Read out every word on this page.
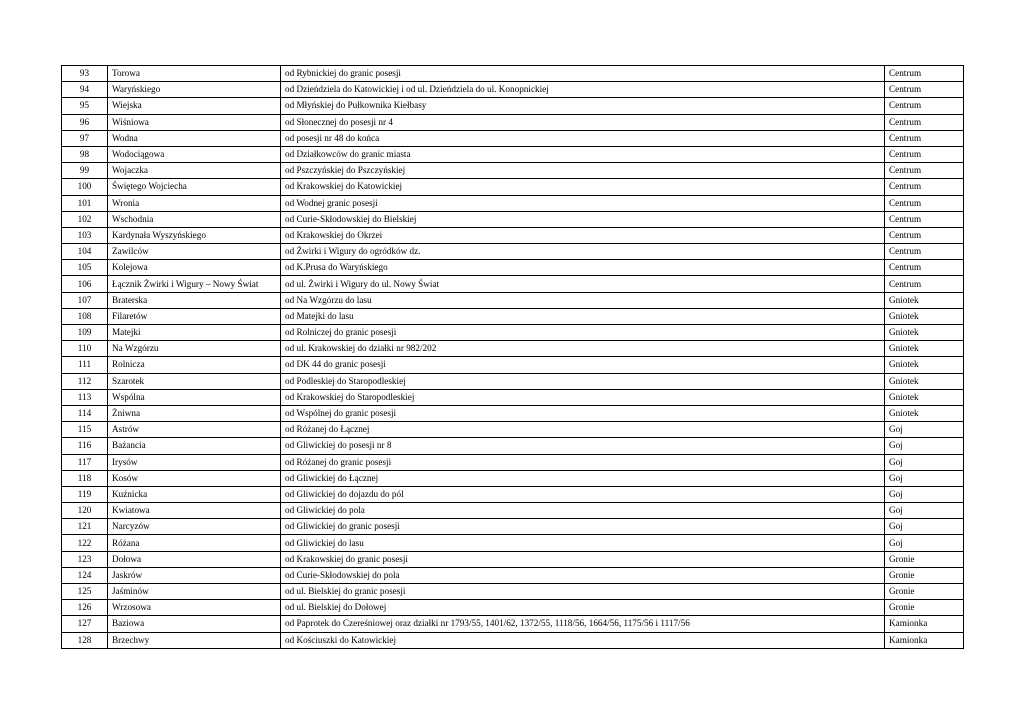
93	Torowa	od Rybnickiej do granic posesji	Centrum
94	Waryńskiego	od Dzieńdziela do Katowickiej i od ul. Dzieńdziela do ul. Konopnickiej	Centrum
95	Wiejska	od Młyńskiej do Pułkownika Kiełbasy	Centrum
96	Wiśniowa	od Słonecznej do posesji nr 4	Centrum
97	Wodna	od posesji nr 48 do końca	Centrum
98	Wodociągowa	od Działkowców do granic miasta	Centrum
99	Wojaczka	od Pszczyńskiej do Pszczyńskiej	Centrum
100	Świętego Wojciecha	od Krakowskiej do Katowickiej	Centrum
101	Wronia	od Wodnej granic posesji	Centrum
102	Wschodnia	od Curie-Skłodowskiej do Bielskiej	Centrum
103	Kardynała Wyszyńskiego	od Krakowskiej do Okrzei	Centrum
104	Zawilców	od Żwirki i Wigury do ogródków dz.	Centrum
105	Kolejowa	od K.Prusa do Waryńskiego	Centrum
106	Łącznik Żwirki i Wigury – Nowy Świat	od ul. Żwirki i Wigury do ul. Nowy Świat	Centrum
107	Braterska	od Na Wzgórzu do lasu	Gniotek
108	Filaretów	od Matejki do lasu	Gniotek
109	Matejki	od Rolniczej do granic posesji	Gniotek
110	Na Wzgórzu	od ul. Krakowskiej do działki nr 982/202	Gniotek
111	Rolnicza	od DK 44 do granic posesji	Gniotek
112	Szarotek	od Podleskiej do Staropodleskiej	Gniotek
113	Wspólna	od Krakowskiej do Staropodleskiej	Gniotek
114	Żniwna	od Wspólnej do granic posesji	Gniotek
115	Astrów	od Różanej do Łącznej	Goj
116	Bażancia	od Gliwickiej do posesji nr 8	Goj
117	Irysów	od Różanej do granic posesji	Goj
118	Kosów	od Gliwickiej do Łącznej	Goj
119	Kuźnicka	od Gliwickiej do dojazdu do pól	Goj
120	Kwiatowa	od Gliwickiej do pola	Goj
121	Narcyzów	od Gliwickiej do granic posesji	Goj
122	Różana	od Gliwickiej do lasu	Goj
123	Dołowa	od Krakowskiej do granic posesji	Gronie
124	Jaskrów	od Curie-Skłodowskiej do pola	Gronie
125	Jaśminów	od ul. Bielskiej do granic posesji	Gronie
126	Wrzosowa	od ul. Bielskiej do Dołowej	Gronie
127	Baziowa	od Paprotek do Czereśniowej oraz działki nr 1793/55, 1401/62, 1372/55, 1118/56, 1664/56, 1175/56 i 1117/56	Kamionka
128	Brzechwy	od Kościuszki do Katowickiej	Kamionka
